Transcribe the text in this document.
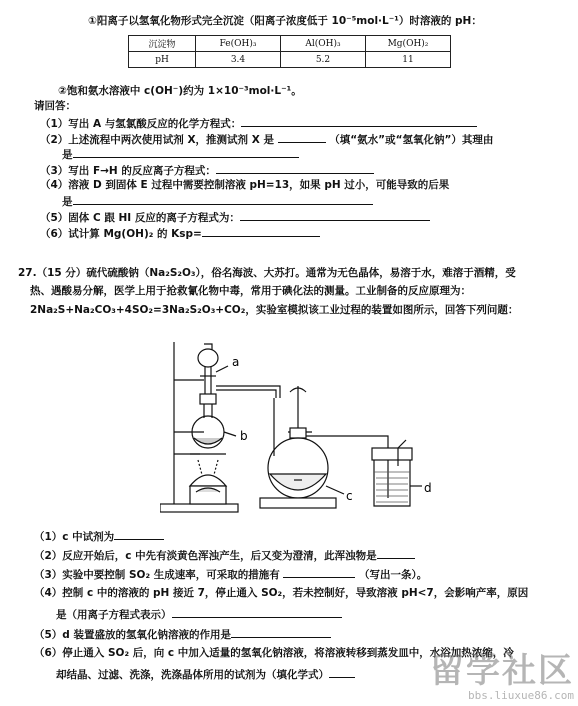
①阳离子以氢氧化物形式完全沉淀（阳离子浓度低于 10⁻⁵mol·L⁻¹）时溶液的 pH：
沉淀物	Fe(OH)₃	Al(OH)₃	Mg(OH)₂
pH	3.4	5.2	11
②饱和氨水溶液中 c(OH⁻)约为 1×10⁻³mol·L⁻¹。
请回答：
（1）写出 A 与氢氯酸反应的化学方程式：
（2）上述流程中两次使用试剂 X，推测试剂 X 是	（填“氨水”或“氢氧化钠”）其理由
是
（3）写出 F→H 的反应离子方程式：
（4）溶液 D 到固体 E 过程中需要控制溶液 pH=13，如果 pH 过小，可能导致的后果
是
（5）固体 C 跟 HI 反应的离子方程式为：
（6）试计算 Mg(OH)₂ 的 Ksp=
27.（15 分）硫代硫酸钠（Na₂S₂O₃），俗名海波、大苏打。通常为无色晶体，易溶于水，难溶于酒精，受
热、遇酸易分解，医学上用于抢救氰化物中毒，常用于碘化法的测量。工业制备的反应原理为：
2Na₂S+Na₂CO₃+4SO₂=3Na₂S₂O₃+CO₂，实验室模拟该工业过程的装置如图所示，回答下列问题：
a
b
c
d
（1）c 中试剂为
（2）反应开始后，c 中先有淡黄色浑浊产生，后又变为澄清，此浑浊物是
（3）实验中要控制 SO₂ 生成速率，可采取的措施有	（写出一条）。
（4）控制 c 中的溶液的 pH 接近 7，停止通入 SO₂，若未控制好，导致溶液 pH<7，会影响产率，原因
是（用离子方程式表示）
（5）d 装置盛放的氢氧化钠溶液的作用是
（6）停止通入 SO₂ 后，向 c 中加入适量的氢氧化钠溶液，将溶液转移到蒸发皿中，水浴加热浓缩，冷
却结晶、过滤、洗涤，洗涤晶体所用的试剂为（填化学式）	留学社区
bbs.liuxue86.com
